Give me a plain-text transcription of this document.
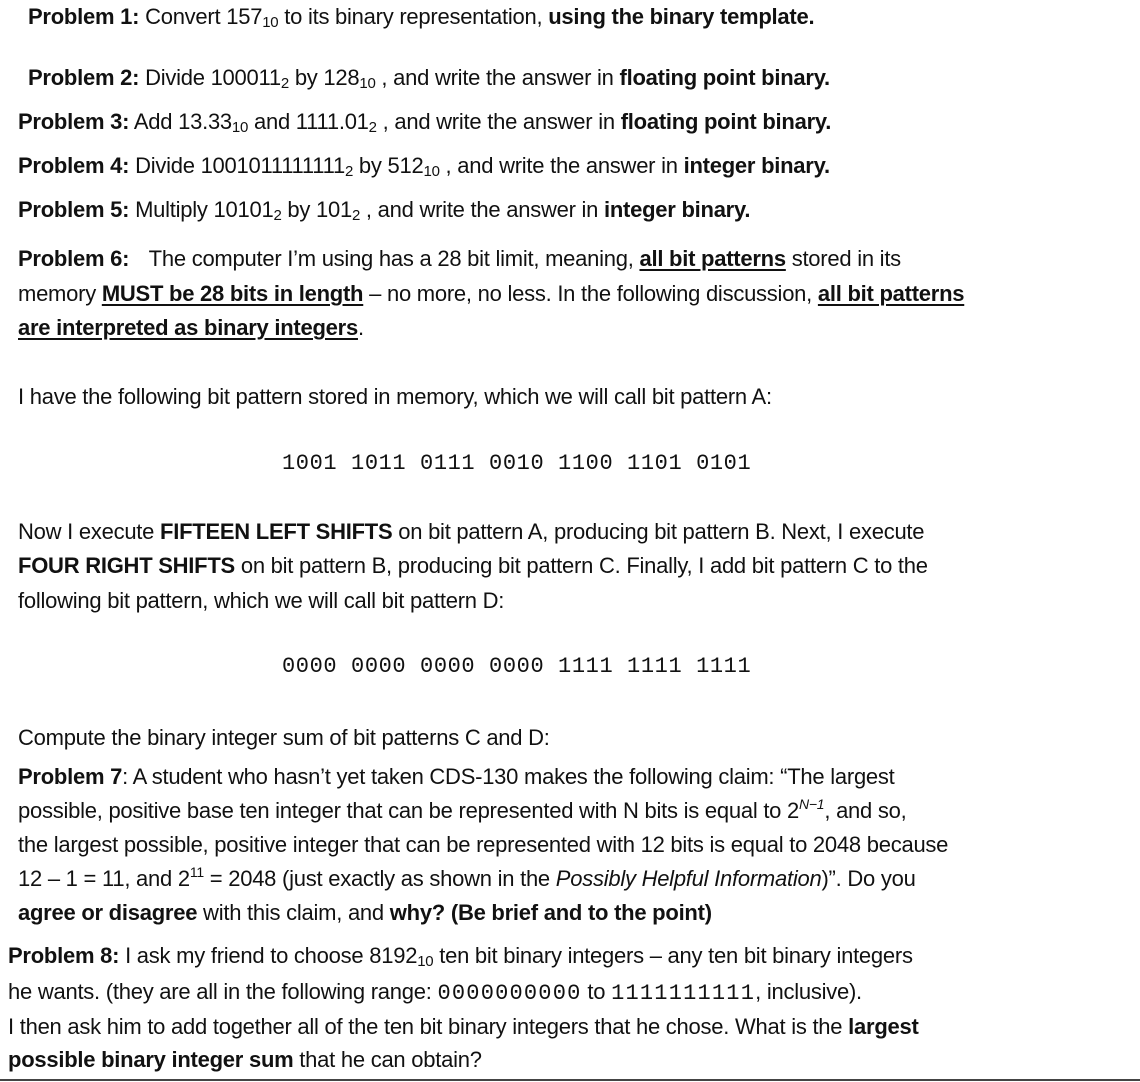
Problem 1: Convert $157_{10}$ to its binary representation, using the binary template.
Problem 2: Divide $100011_2$ by $128_{10}$ , and write the answer in floating point binary.
Problem 3: Add $13.33_{10}$ and $1111.01_2$ , and write the answer in floating point binary.
Problem 4: Divide $1001011111111_2$ by $512_{10}$ , and write the answer in integer binary.
Problem 5: Multiply $10101_2$ by $101_2$ , and write the answer in integer binary.
Problem 6: The computer I’m using has a 28 bit limit, meaning, all bit patterns stored in its
memory MUST be 28 bits in length – no more, no less. In the following discussion, all bit patterns
are interpreted as binary integers.
I have the following bit pattern stored in memory, which we will call bit pattern A:
1001 1011 0111 0010 1100 1101 0101
Now I execute FIFTEEN LEFT SHIFTS on bit pattern A, producing bit pattern B. Next, I execute
FOUR RIGHT SHIFTS on bit pattern B, producing bit pattern C. Finally, I add bit pattern C to the
following bit pattern, which we will call bit pattern D:
0000 0000 0000 0000 1111 1111 1111
Compute the binary integer sum of bit patterns C and D:
Problem 7: A student who hasn’t yet taken CDS-130 makes the following claim: “The largest
possible, positive base ten integer that can be represented with N bits is equal to $2^{N-1}$, and so,
the largest possible, positive integer that can be represented with 12 bits is equal to 2048 because
12 – 1 = 11, and $2^{11} = 2048$ (just exactly as shown in the Possibly Helpful Information)”. Do you
agree or disagree with this claim, and why? (Be brief and to the point)
Problem 8: I ask my friend to choose $8192_{10}$ ten bit binary integers – any ten bit binary integers
he wants. (they are all in the following range: 0000000000 to 1111111111, inclusive).
I then ask him to add together all of the ten bit binary integers that he chose. What is the largest
possible binary integer sum that he can obtain?
